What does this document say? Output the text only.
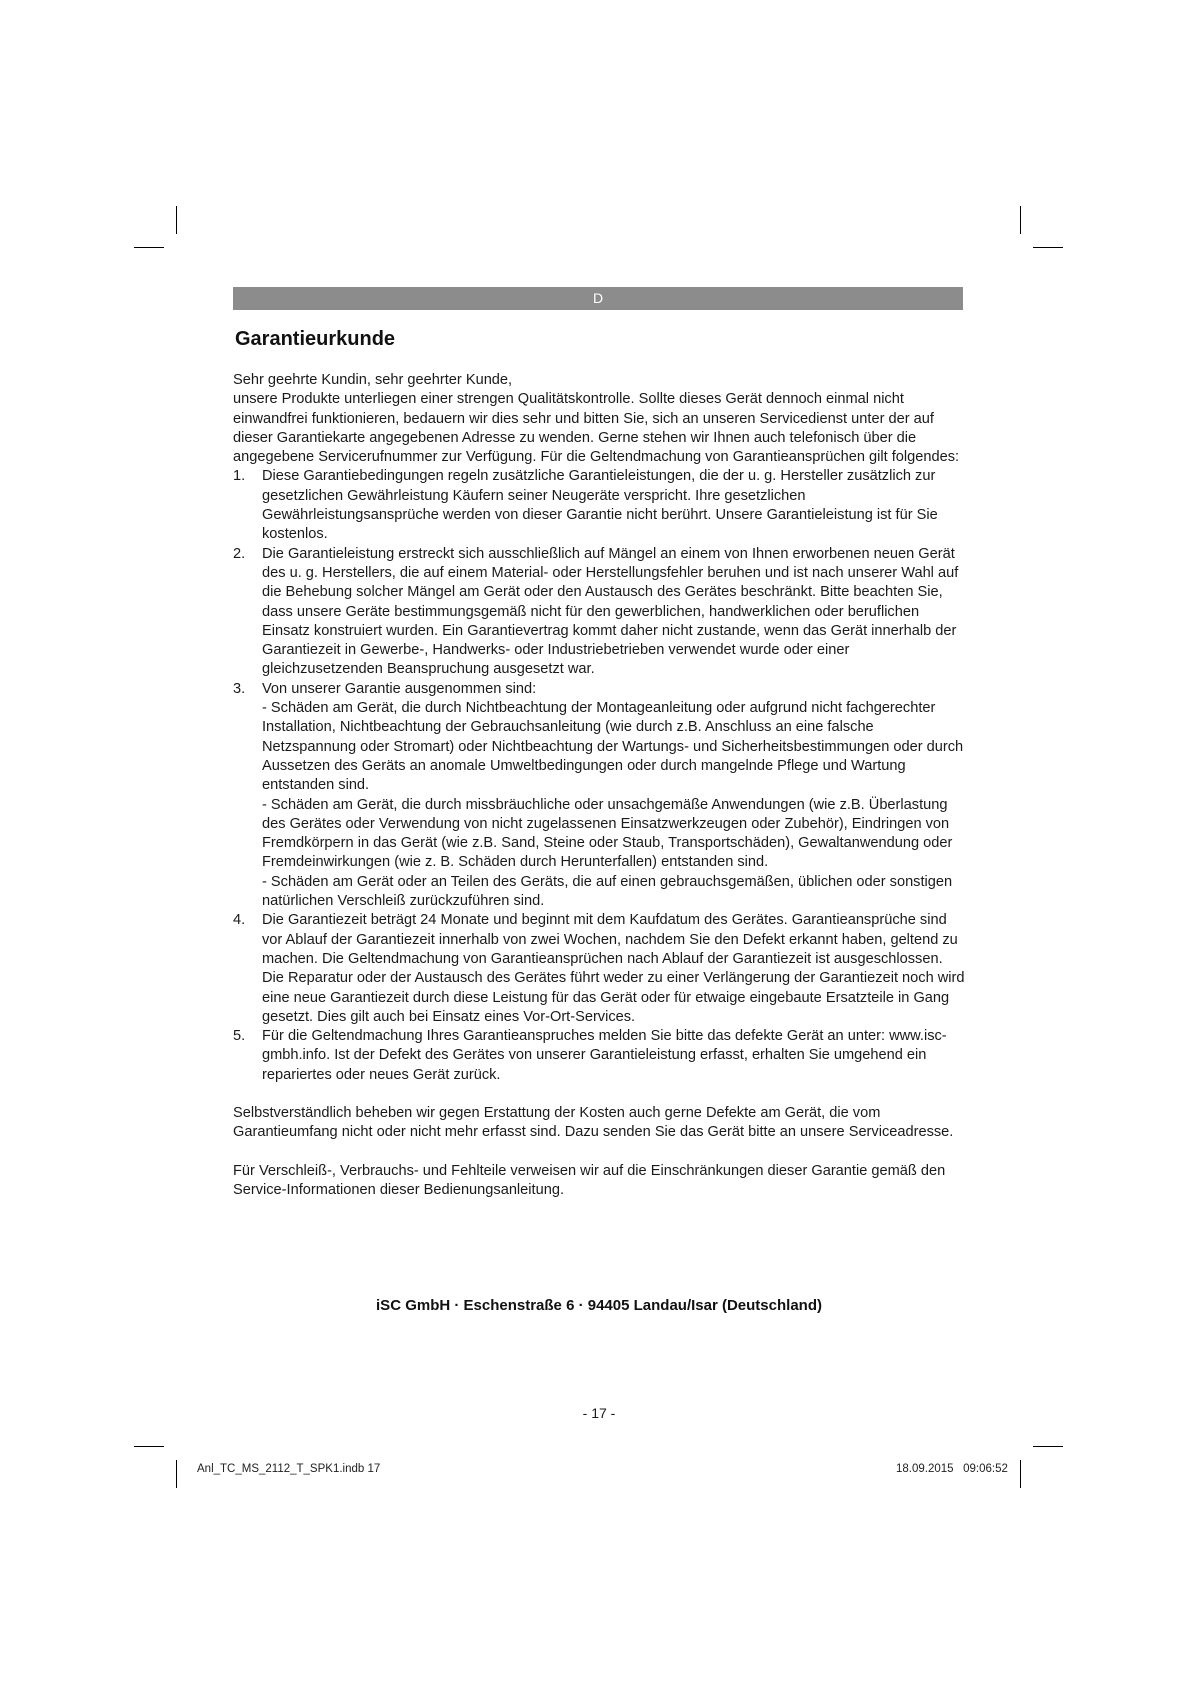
D
Garantieurkunde

Sehr geehrte Kundin, sehr geehrter Kunde,

unsere Produkte unterliegen einer strengen Qualitätskontrolle. Sollte dieses Gerät dennoch einmal nicht einwandfrei funktionieren, bedauern wir dies sehr und bitten Sie, sich an unseren Servicedienst unter der auf dieser Garantiekarte angegebenen Adresse zu wenden. Gerne stehen wir Ihnen auch telefonisch über die angegebene Servicerufnummer zur Verfügung. Für die Geltendmachung von Garantieansprüchen gilt folgendes:

1. Diese Garantiebedingungen regeln zusätzliche Garantieleistungen, die der u. g. Hersteller zusätzlich zur gesetzlichen Gewährleistung Käufern seiner Neugeräte verspricht. Ihre gesetzlichen Gewährleistungsansprüche werden von dieser Garantie nicht berührt. Unsere Garantieleistung ist für Sie kostenlos.
2. Die Garantieleistung erstreckt sich ausschließlich auf Mängel an einem von Ihnen erworbenen neuen Gerät des u. g. Herstellers, die auf einem Material- oder Herstellungsfehler beruhen und ist nach unserer Wahl auf die Behebung solcher Mängel am Gerät oder den Austausch des Gerätes beschränkt. Bitte beachten Sie, dass unsere Geräte bestimmungsgemäß nicht für den gewerblichen, handwerklichen oder beruflichen Einsatz konstruiert wurden. Ein Garantievertrag kommt daher nicht zustande, wenn das Gerät innerhalb der Garantiezeit in Gewerbe-, Handwerks- oder Industriebetrieben verwendet wurde oder einer gleichzusetzenden Beanspruchung ausgesetzt war.
3. Von unserer Garantie ausgenommen sind:
- Schäden am Gerät, die durch Nichtbeachtung der Montageanleitung oder aufgrund nicht fachgerechter Installation, Nichtbeachtung der Gebrauchsanleitung (wie durch z.B. Anschluss an eine falsche Netzspannung oder Stromart) oder Nichtbeachtung der Wartungs- und Sicherheitsbestimmungen oder durch Aussetzen des Geräts an anomale Umweltbedingungen oder durch mangelnde Pflege und Wartung entstanden sind.
- Schäden am Gerät, die durch missbräuchliche oder unsachgemäße Anwendungen (wie z.B. Überlastung des Gerätes oder Verwendung von nicht zugelassenen Einsatzwerkzeugen oder Zubehör), Eindringen von Fremdkörpern in das Gerät (wie z.B. Sand, Steine oder Staub, Transportschäden), Gewaltanwendung oder Fremdeinwirkungen (wie z. B. Schäden durch Herunterfallen) entstanden sind.
- Schäden am Gerät oder an Teilen des Geräts, die auf einen gebrauchsgemäßen, üblichen oder sonstigen natürlichen Verschleiß zurückzuführen sind.
4. Die Garantiezeit beträgt 24 Monate und beginnt mit dem Kaufdatum des Gerätes. Garantieansprüche sind vor Ablauf der Garantiezeit innerhalb von zwei Wochen, nachdem Sie den Defekt erkannt haben, geltend zu machen. Die Geltendmachung von Garantieansprüchen nach Ablauf der Garantiezeit ist ausgeschlossen. Die Reparatur oder der Austausch des Gerätes führt weder zu einer Verlängerung der Garantiezeit noch wird eine neue Garantiezeit durch diese Leistung für das Gerät oder für etwaige eingebaute Ersatzteile in Gang gesetzt. Dies gilt auch bei Einsatz eines Vor-Ort-Services.
5. Für die Geltendmachung Ihres Garantieanspruches melden Sie bitte das defekte Gerät an unter: www.isc-gmbh.info. Ist der Defekt des Gerätes von unserer Garantieleistung erfasst, erhalten Sie umgehend ein repariertes oder neues Gerät zurück.

Selbstverständlich beheben wir gegen Erstattung der Kosten auch gerne Defekte am Gerät, die vom Garantieumfang nicht oder nicht mehr erfasst sind. Dazu senden Sie das Gerät bitte an unsere Serviceadresse.

Für Verschleiß-, Verbrauchs- und Fehlteile verweisen wir auf die Einschränkungen dieser Garantie gemäß den Service-Informationen dieser Bedienungsanleitung.

iSC GmbH · Eschenstraße 6 · 94405 Landau/Isar (Deutschland)
- 17 -
Anl_TC_MS_2112_T_SPK1.indb 17	18.09.2015   09:06:52
